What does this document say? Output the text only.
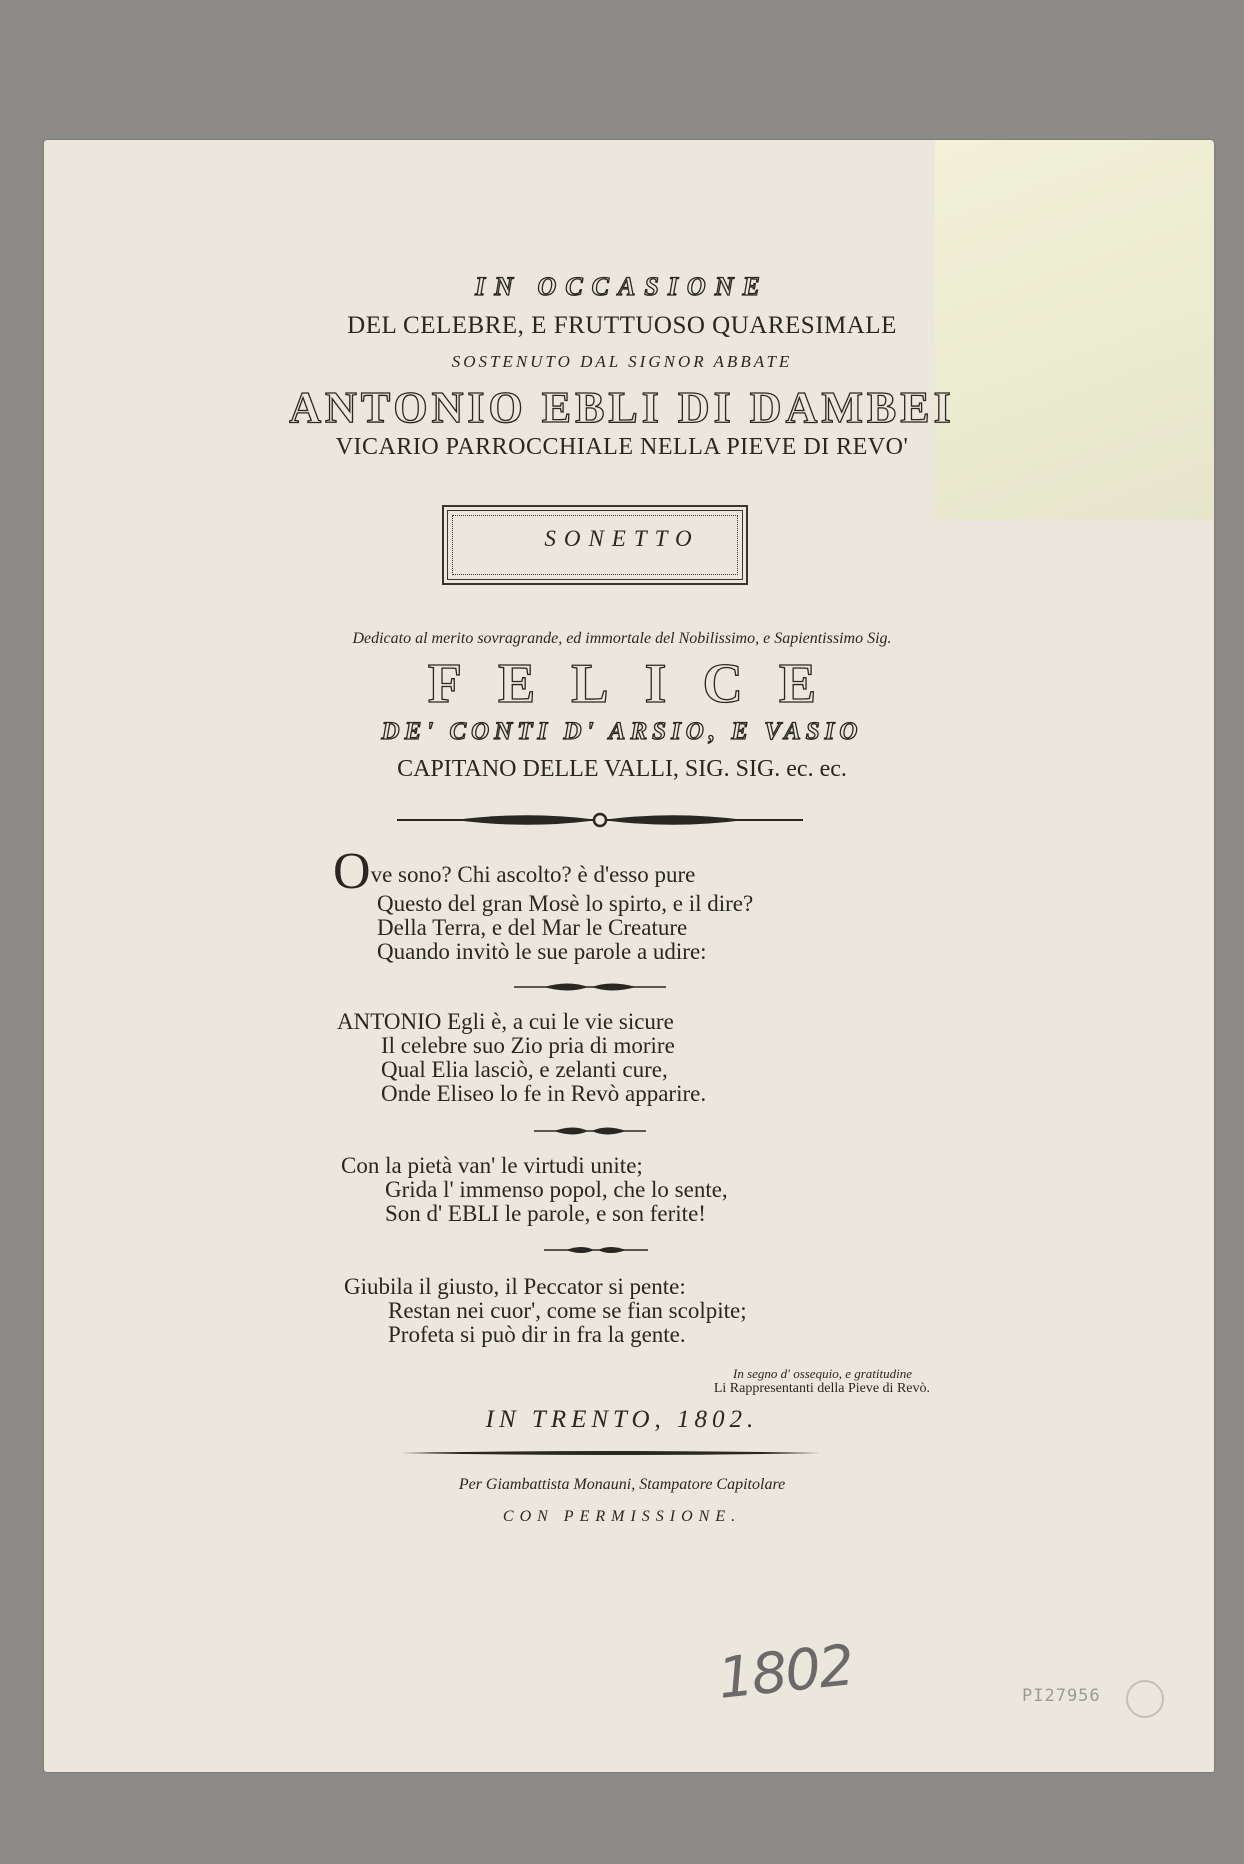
IN OCCASIONE
DEL CELEBRE, E FRUTTUOSO QUARESIMALE
SOSTENUTO DAL SIGNOR ABBATE
ANTONIO EBLI DI DAMBEI
VICARIO PARROCCHIALE NELLA PIEVE DI REVO'
SONETTO
Dedicato al merito sovragrande, ed immortale del Nobilissimo, e Sapientissimo Sig.
FELICE
DE' CONTI D' ARSIO, E VASIO
CAPITANO DELLE VALLI, SIG. SIG. ec. ec.
Ove sono? Chi ascolto? è d'esso pure
Questo del gran Mosè lo spirto, e il dire?
Della Terra, e del Mar le Creature
Quando invitò le sue parole a udire:
ANTONIO Egli è, a cui le vie sicure
Il celebre suo Zio pria di morire
Qual Elia lasciò, e zelanti cure,
Onde Eliseo lo fe in Revò apparire.
Con la pietà van' le virtudi unite;
Grida l' immenso popol, che lo sente,
Son d' EBLI le parole, e son ferite!
Giubila il giusto, il Peccator si pente:
Restan nei cuor', come se fian scolpite;
Profeta si può dir in fra la gente.
In segno d' ossequio, e gratitudine
Li Rappresentanti della Pieve di Revò.
IN TRENTO, 1802.
Per Giambattista Monauni, Stampatore Capitolare
CON PERMISSIONE.
1802	PI27956
